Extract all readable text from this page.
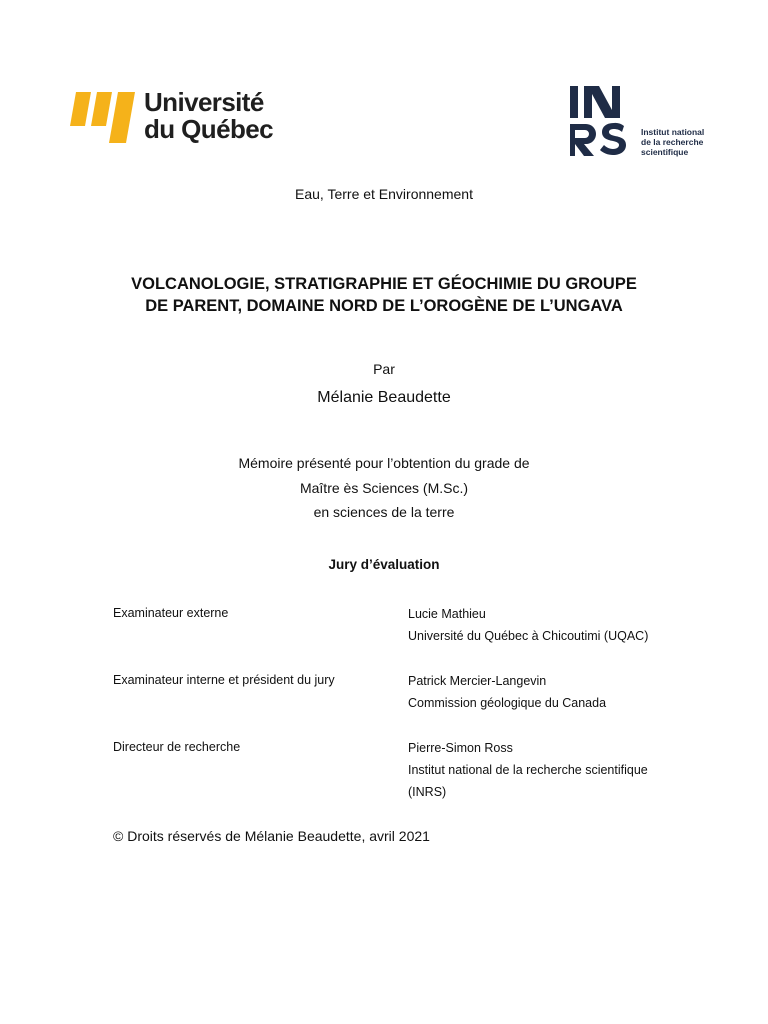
Université
du Québec	Institut national
de la recherche
scientifique
Eau, Terre et Environnement
VOLCANOLOGIE, STRATIGRAPHIE ET GÉOCHIMIE DU GROUPE
DE PARENT, DOMAINE NORD DE L’OROGÈNE DE L’UNGAVA
Par
Mélanie Beaudette
Mémoire présenté pour l’obtention du grade de
Maître ès Sciences (M.Sc.)
en sciences de la terre
Jury d’évaluation
Examinateur externe	Lucie Mathieu
Université du Québec à Chicoutimi (UQAC)
Examinateur interne et président du jury	Patrick Mercier-Langevin
Commission géologique du Canada
Directeur de recherche	Pierre-Simon Ross
Institut national de la recherche scientifique
(INRS)
© Droits réservés de Mélanie Beaudette, avril 2021
